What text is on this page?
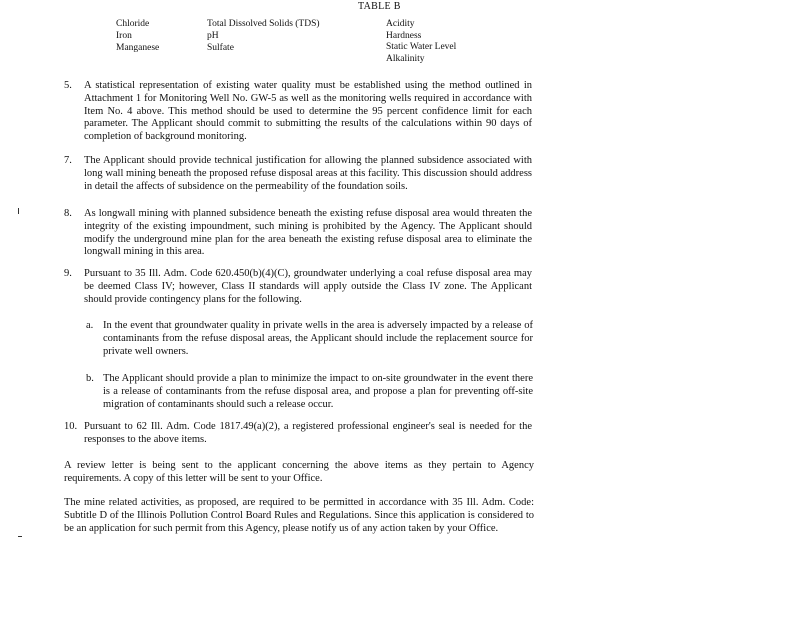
TABLE B
Chloride
Iron
Manganese
Total Dissolved Solids (TDS)
pH
Sulfate
Acidity
Hardness
Static Water Level
Alkalinity
5. A statistical representation of existing water quality must be established using the method outlined in Attachment 1 for Monitoring Well No. GW-5 as well as the monitoring wells required in accordance with Item No. 4 above. This method should be used to determine the 95 percent confidence limit for each parameter. The Applicant should commit to submitting the results of the calculations within 90 days of completion of background monitoring.
7. The Applicant should provide technical justification for allowing the planned subsidence associated with long wall mining beneath the proposed refuse disposal areas at this facility. This discussion should address in detail the affects of subsidence on the permeability of the foundation soils.
8. As longwall mining with planned subsidence beneath the existing refuse disposal area would threaten the integrity of the existing impoundment, such mining is prohibited by the Agency. The Applicant should modify the underground mine plan for the area beneath the existing refuse disposal area to eliminate the longwall mining in this area.
9. Pursuant to 35 Ill. Adm. Code 620.450(b)(4)(C), groundwater underlying a coal refuse disposal area may be deemed Class IV; however, Class II standards will apply outside the Class IV zone. The Applicant should provide contingency plans for the following.
a. In the event that groundwater quality in private wells in the area is adversely impacted by a release of contaminants from the refuse disposal areas, the Applicant should include the replacement source for private well owners.
b. The Applicant should provide a plan to minimize the impact to on-site groundwater in the event there is a release of contaminants from the refuse disposal area, and propose a plan for preventing off-site migration of contaminants should such a release occur.
10. Pursuant to 62 Ill. Adm. Code 1817.49(a)(2), a registered professional engineer's seal is needed for the responses to the above items.
A review letter is being sent to the applicant concerning the above items as they pertain to Agency requirements. A copy of this letter will be sent to your Office.
The mine related activities, as proposed, are required to be permitted in accordance with 35 Ill. Adm. Code: Subtitle D of the Illinois Pollution Control Board Rules and Regulations. Since this application is considered to be an application for such permit from this Agency, please notify us of any action taken by your Office.
